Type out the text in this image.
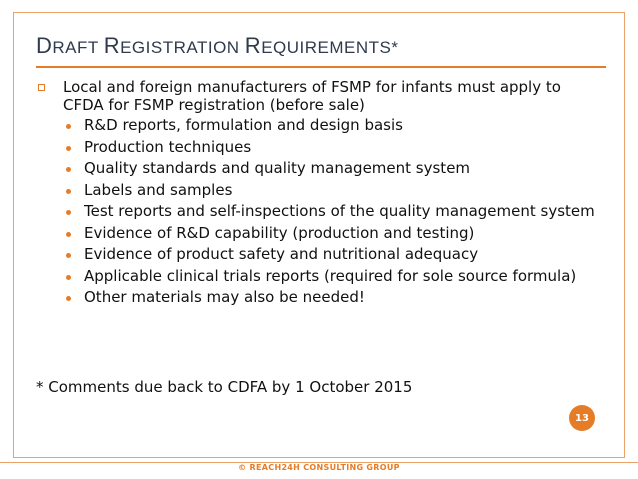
DRAFT REGISTRATION REQUIREMENTS*
Local and foreign manufacturers of FSMP for infants must apply to CFDA for FSMP registration (before sale)
R&D reports, formulation and design basis
Production techniques
Quality standards and quality management system
Labels and samples
Test reports and self-inspections of the quality management system
Evidence of R&D capability (production and testing)
Evidence of product safety and nutritional adequacy
Applicable clinical trials reports (required for sole source formula)
Other materials may also be needed!
* Comments due back to CDFA by 1 October 2015
13
© REACH24H CONSULTING GROUP
